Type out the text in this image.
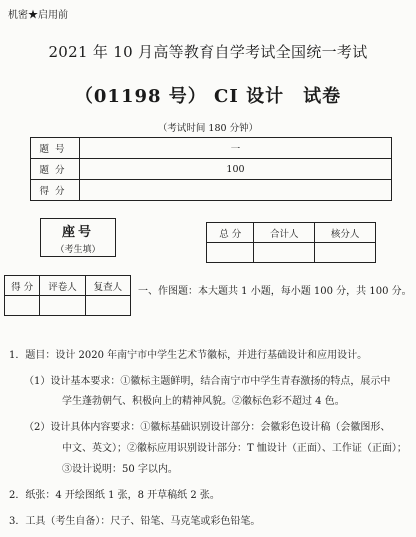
机密★启用前
2021 年 10 月高等教育自学考试全国统一考试
（01198 号） CI 设计　试卷
（考试时间 180 分钟）
题号	一
题分	100
得分	
座号
（考生填）
总 分	合计人	核分人

得 分	评卷人	复查人
		一、作图题：本大题共 1 小题，每小题 100 分，共 100 分。
1．题目：设计 2020 年南宁市中学生艺术节徽标，并进行基础设计和应用设计。
（1）设计基本要求：①徽标主题鲜明，结合南宁市中学生青春激扬的特点，展示中
学生蓬勃朝气、积极向上的精神风貌。②徽标色彩不超过 4 色。
（2）设计具体内容要求：①徽标基础识别设计部分：会徽彩色设计稿（会徽图形、
中文、英文）；②徽标应用识别设计部分：T 恤设计（正面）、工作证（正面）；
③设计说明：50 字以内。
2．纸张：4 开绘图纸 1 张，8 开草稿纸 2 张。
3．工具（考生自备）：尺子、铅笔、马克笔或彩色铅笔。
